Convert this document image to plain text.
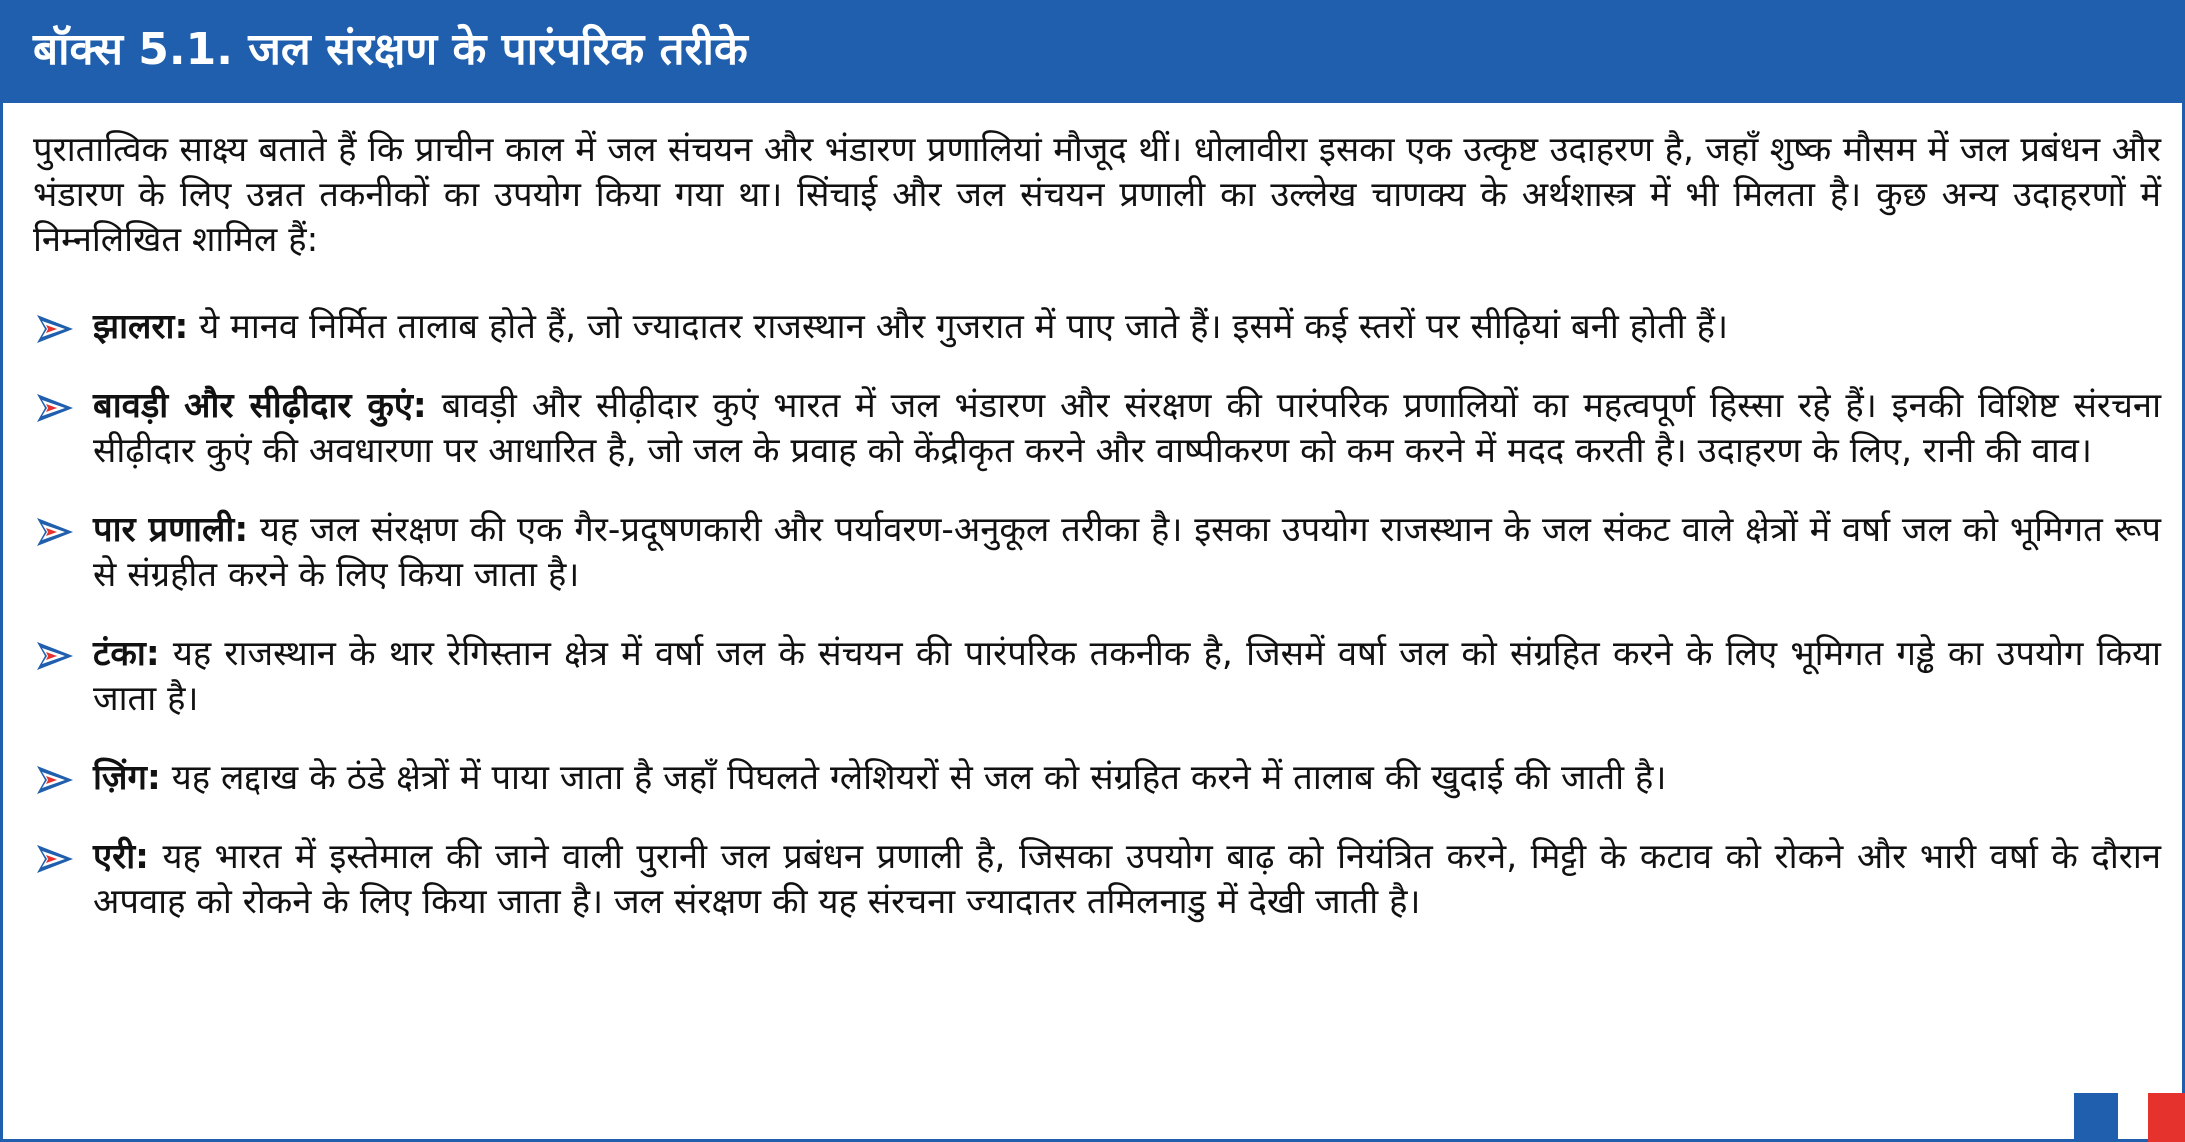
बॉक्स 5.1. जल संरक्षण के पारंपरिक तरीके

पुरातात्विक साक्ष्य बताते हैं कि प्राचीन काल में जल संचयन और भंडारण प्रणालियां मौजूद थीं। धोलावीरा इसका एक उत्कृष्ट उदाहरण है, जहाँ शुष्क मौसम में जल प्रबंधन और भंडारण के लिए उन्नत तकनीकों का उपयोग किया गया था। सिंचाई और जल संचयन प्रणाली का उल्लेख चाणक्य के अर्थशास्त्र में भी मिलता है। कुछ अन्य उदाहरणों में निम्नलिखित शामिल हैं:

झालरा: ये मानव निर्मित तालाब होते हैं, जो ज्यादातर राजस्थान और गुजरात में पाए जाते हैं। इसमें कई स्तरों पर सीढ़ियां बनी होती हैं।
बावड़ी और सीढ़ीदार कुएं: बावड़ी और सीढ़ीदार कुएं भारत में जल भंडारण और संरक्षण की पारंपरिक प्रणालियों का महत्वपूर्ण हिस्सा रहे हैं। इनकी विशिष्ट संरचना सीढ़ीदार कुएं की अवधारणा पर आधारित है, जो जल के प्रवाह को केंद्रीकृत करने और वाष्पीकरण को कम करने में मदद करती है। उदाहरण के लिए, रानी की वाव।
पार प्रणाली: यह जल संरक्षण की एक गैर-प्रदूषणकारी और पर्यावरण-अनुकूल तरीका है। इसका उपयोग राजस्थान के जल संकट वाले क्षेत्रों में वर्षा जल को भूमिगत रूप से संग्रहीत करने के लिए किया जाता है।
टंका: यह राजस्थान के थार रेगिस्तान क्षेत्र में वर्षा जल के संचयन की पारंपरिक तकनीक है, जिसमें वर्षा जल को संग्रहित करने के लिए भूमिगत गड्ढे का उपयोग किया जाता है।
ज़िंग: यह लद्दाख के ठंडे क्षेत्रों में पाया जाता है जहाँ पिघलते ग्लेशियरों से जल को संग्रहित करने में तालाब की खुदाई की जाती है।
एरी: यह भारत में इस्तेमाल की जाने वाली पुरानी जल प्रबंधन प्रणाली है, जिसका उपयोग बाढ़ को नियंत्रित करने, मिट्टी के कटाव को रोकने और भारी वर्षा के दौरान अपवाह को रोकने के लिए किया जाता है। जल संरक्षण की यह संरचना ज्यादातर तमिलनाडु में देखी जाती है।
